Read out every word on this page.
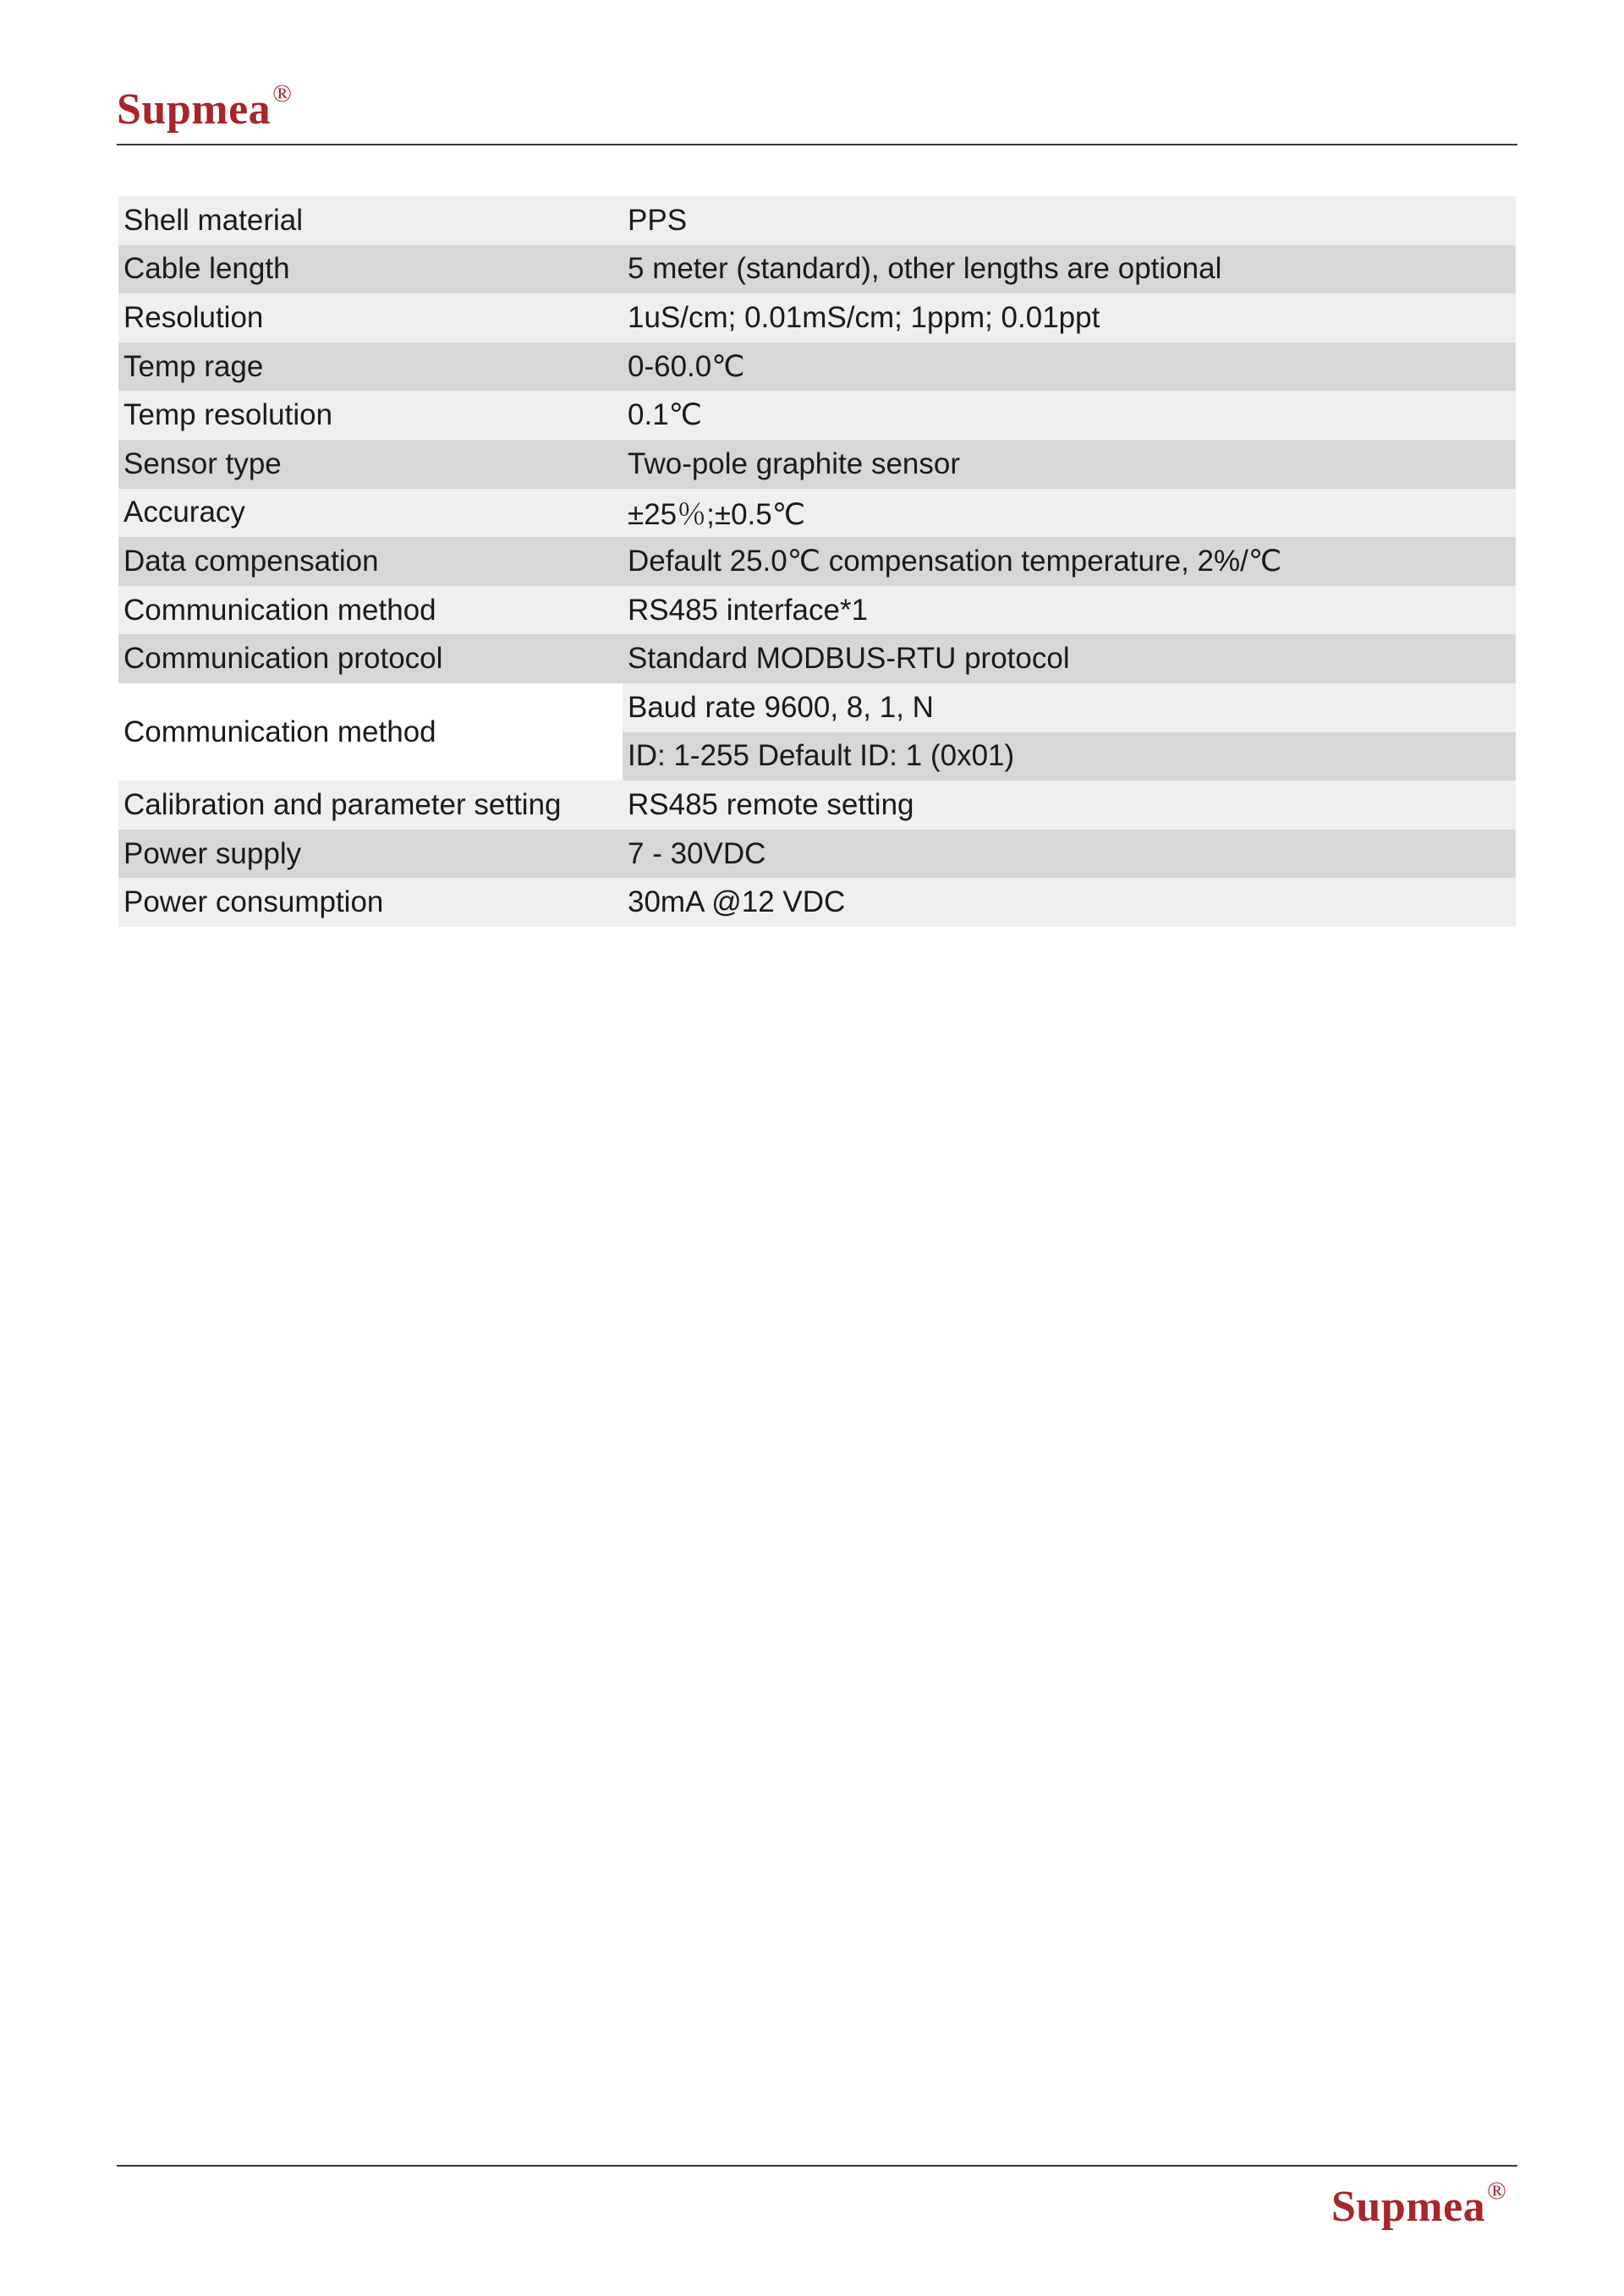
Supmea®
Shell material	PPS
Cable length	5 meter (standard), other lengths are optional
Resolution	1uS/cm; 0.01mS/cm; 1ppm; 0.01ppt
Temp rage	0-60.0℃
Temp resolution	0.1℃
Sensor type	Two-pole graphite sensor
Accuracy	±25％;±0.5℃
Data compensation	Default 25.0℃ compensation temperature, 2%/℃
Communication method	RS485 interface*1
Communication protocol	Standard MODBUS-RTU protocol
Communication method	Baud rate 9600, 8, 1, N
	ID: 1-255 Default ID: 1 (0x01)
Calibration and parameter setting	RS485 remote setting
Power supply	7 - 30VDC
Power consumption	30mA @12 VDC
Supmea®
